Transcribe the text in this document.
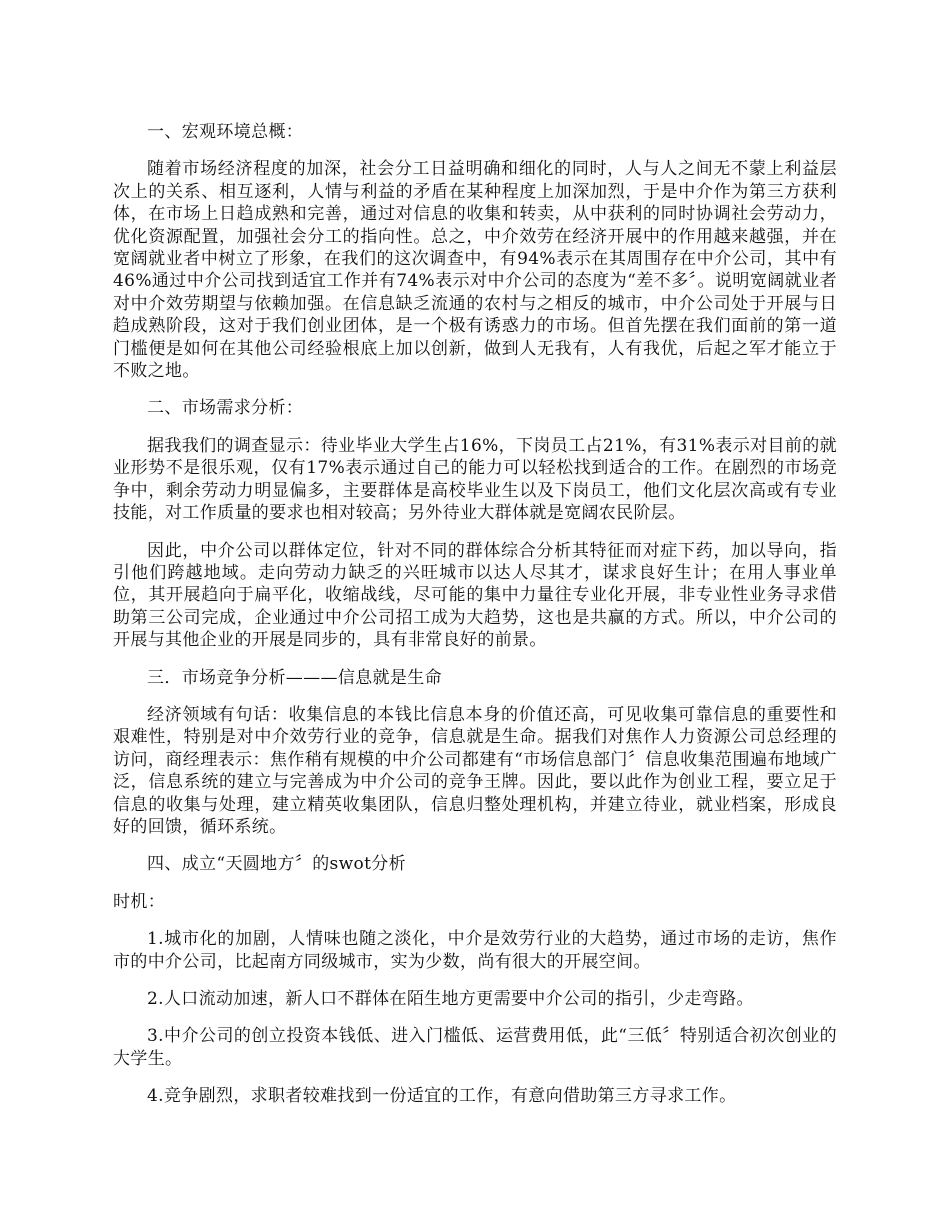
一、宏观环境总概：

随着市场经济程度的加深，社会分工日益明确和细化的同时，人与人之间无不蒙上利益层次上的关系、相互逐利，人情与利益的矛盾在某种程度上加深加烈，于是中介作为第三方获利体，在市场上日趋成熟和完善，通过对信息的收集和转卖，从中获利的同时协调社会劳动力，优化资源配置，加强社会分工的指向性。总之，中介效劳在经济开展中的作用越来越强，并在宽阔就业者中树立了形象，在我们的这次调查中，有94%表示在其周围存在中介公司，其中有46%通过中介公司找到适宜工作并有74%表示对中介公司的态度为“差不多〞。说明宽阔就业者对中介效劳期望与依赖加强。在信息缺乏流通的农村与之相反的城市，中介公司处于开展与日趋成熟阶段，这对于我们创业团体，是一个极有诱惑力的市场。但首先摆在我们面前的第一道门槛便是如何在其他公司经验根底上加以创新，做到人无我有，人有我优，后起之军才能立于不败之地。

二、市场需求分析：

据我我们的调查显示：待业毕业大学生占16%，下岗员工占21%，有31%表示对目前的就业形势不是很乐观，仅有17%表示通过自己的能力可以轻松找到适合的工作。在剧烈的市场竞争中，剩余劳动力明显偏多，主要群体是高校毕业生以及下岗员工，他们文化层次高或有专业技能，对工作质量的要求也相对较高；另外待业大群体就是宽阔农民阶层。

因此，中介公司以群体定位，针对不同的群体综合分析其特征而对症下药，加以导向，指引他们跨越地域。走向劳动力缺乏的兴旺城市以达人尽其才，谋求良好生计；在用人事业单位，其开展趋向于扁平化，收缩战线，尽可能的集中力量往专业化开展，非专业性业务寻求借助第三公司完成，企业通过中介公司招工成为大趋势，这也是共赢的方式。所以，中介公司的开展与其他企业的开展是同步的，具有非常良好的前景。

三．市场竞争分析———信息就是生命

经济领域有句话：收集信息的本钱比信息本身的价值还高，可见收集可靠信息的重要性和艰难性，特别是对中介效劳行业的竞争，信息就是生命。据我们对焦作人力资源公司总经理的访问，商经理表示：焦作稍有规模的中介公司都建有“市场信息部门〞信息收集范围遍布地域广泛，信息系统的建立与完善成为中介公司的竞争王牌。因此，要以此作为创业工程，要立足于信息的收集与处理，建立精英收集团队，信息归整处理机构，并建立待业，就业档案，形成良好的回馈，循环系统。

四、成立“天圆地方〞的swot分析

时机：

1.城市化的加剧，人情味也随之淡化，中介是效劳行业的大趋势，通过市场的走访，焦作市的中介公司，比起南方同级城市，实为少数，尚有很大的开展空间。

2.人口流动加速，新人口不群体在陌生地方更需要中介公司的指引，少走弯路。

3.中介公司的创立投资本钱低、进入门槛低、运营费用低，此“三低〞特别适合初次创业的大学生。

4.竞争剧烈，求职者较难找到一份适宜的工作，有意向借助第三方寻求工作。
